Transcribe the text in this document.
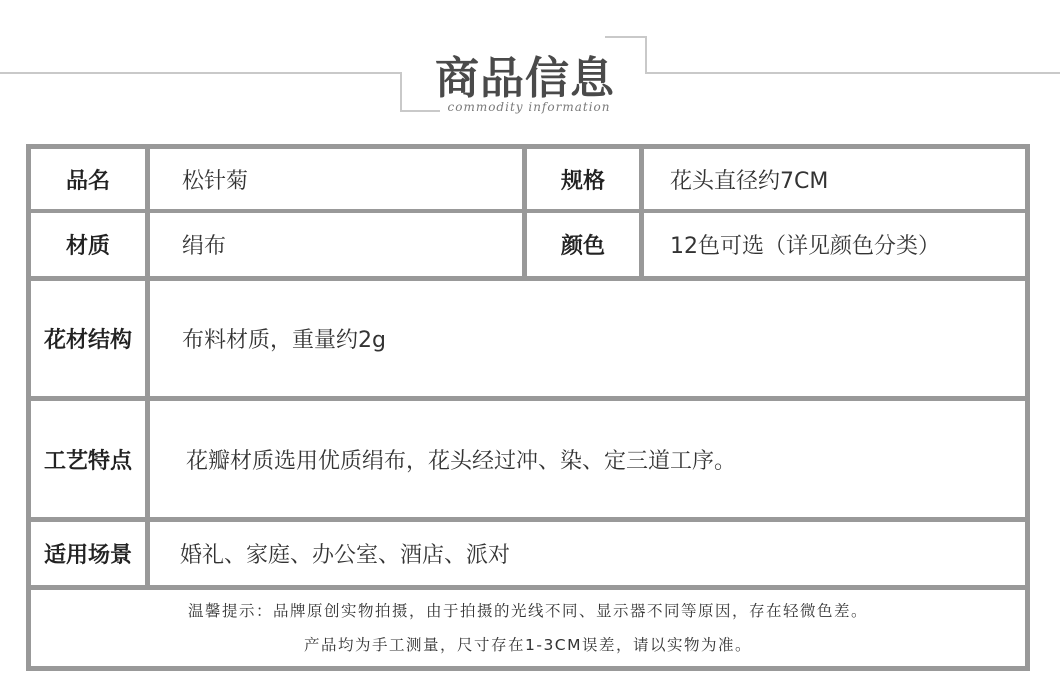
商品信息
commodity information
品名	松针菊	规格	花头直径约7CM
材质	绢布	颜色	12色可选（详见颜色分类）
花材结构	布料材质，重量约2g
工艺特点	花瓣材质选用优质绢布，花头经过冲、染、定三道工序。
适用场景	婚礼、家庭、办公室、酒店、派对
温馨提示：品牌原创实物拍摄，由于拍摄的光线不同、显示器不同等原因，存在轻微色差。
产品均为手工测量，尺寸存在1-3CM误差，请以实物为准。
